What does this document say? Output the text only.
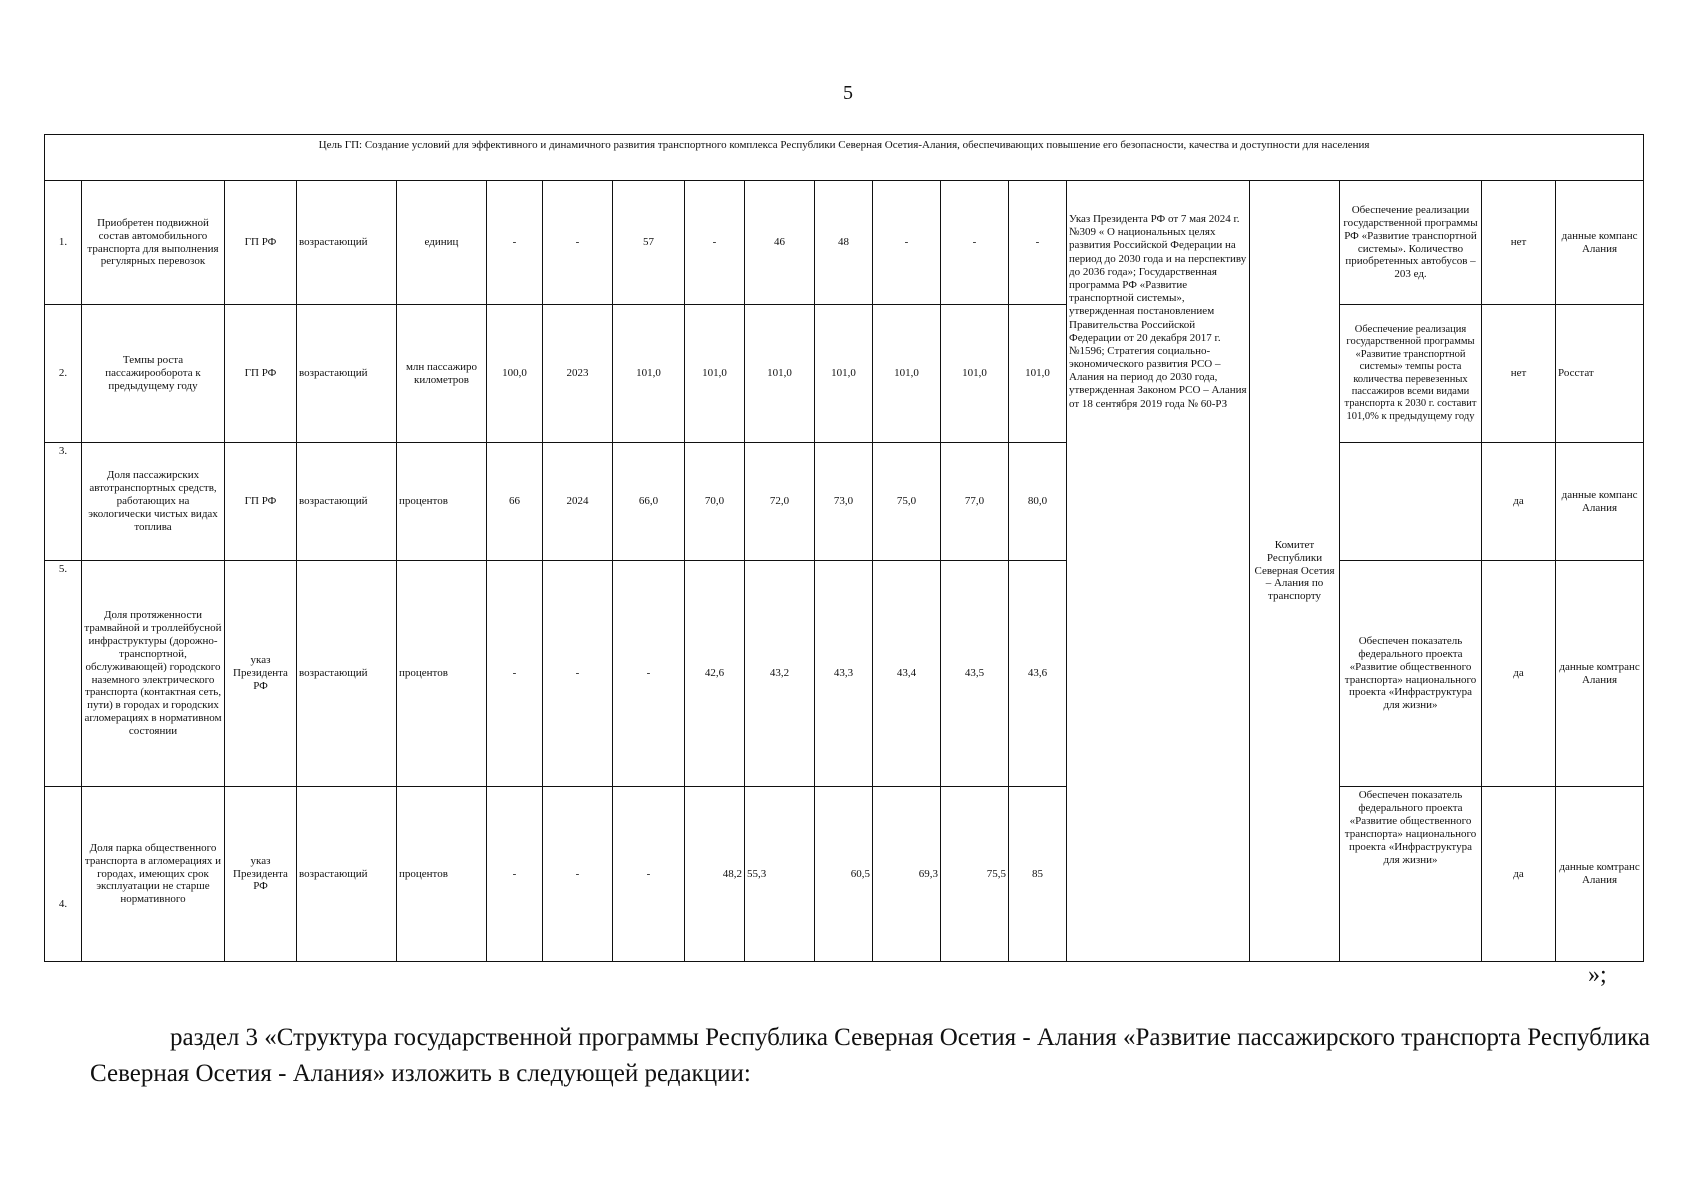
5
Цель ГП: Создание условий для эффективного и динамичного развития транспортного комплекса Республики Северная Осетия-Алания, обеспечивающих повышение его безопасности, качества и доступности для населения																		
1.	Приобретен подвижной состав автомобильного транспорта для выполнения регулярных перевозок	ГП РФ	возрастающий	единиц	-	-	57	-	46	48	-	-	-	Указ Президента РФ от 7 мая 2024 г. №309 « О национальных целях развития Российской Федерации на период до 2030 года и на перспективу до 2036 года»; Государственная программа РФ «Развитие транспортной системы», утвержденная постановлением Правительства Российской Федерации от 20 декабря 2017 г. №1596; Стратегия социально-экономического развития РСО – Алания на период до 2030 года, утвержденная Законом РСО – Алания от 18 сентября 2019 года № 60-РЗ	Комитет Республики Северная Осетия – Алания по транспорту	Обеспечение реализации государственной программы РФ «Развитие транспортной системы». Количество приобретенных автобусов – 203 ед.	нет	данные компанс Алания
2.	Темпы роста пассажирооборота к предыдущему году	ГП РФ	возрастающий	млн пассажиро километров	100,0	2023	101,0	101,0	101,0	101,0	101,0	101,0	101,0			Обеспечение реализация государственной программы «Развитие транспортной системы» темпы роста количества перевезенных пассажиров всеми видами транспорта к 2030 г. составит 101,0% к предыдущему году	нет	Росстат
3.	Доля пассажирских автотранспортных средств, работающих на экологически чистых видах топлива	ГП РФ	возрастающий	процентов	66	2024	66,0	70,0	72,0	73,0	75,0	77,0	80,0				да	данные компанс Алания
5.	Доля протяженности трамвайной и троллейбусной инфраструктуры (дорожно-транспортной, обслуживающей) городского наземного электрического транспорта (контактная сеть, пути) в городах и городских агломерациях в нормативном состоянии	указ Президента РФ	возрастающий	процентов	-	-	-	42,6	43,2	43,3	43,4	43,5	43,6			Обеспечен показатель федерального проекта «Развитие общественного транспорта» национального проекта «Инфраструктура для жизни»	да	данные комтранс Алания
4.	Доля парка общественного транспорта в агломерациях и городах, имеющих срок эксплуатации не старше нормативного	указ Президента РФ	возрастающий	процентов	-	-	-	48,2	55,3	60,5	69,3	75,5	85			Обеспечен показатель федерального проекта «Развитие общественного транспорта» национального проекта «Инфраструктура для жизни»	да	данные комтранс Алания
»;
раздел 3 «Структура государственной программы Республика Северная Осетия - Алания «Развитие пассажирского транспорта Республика Северная Осетия - Алания» изложить в следующей редакции:
